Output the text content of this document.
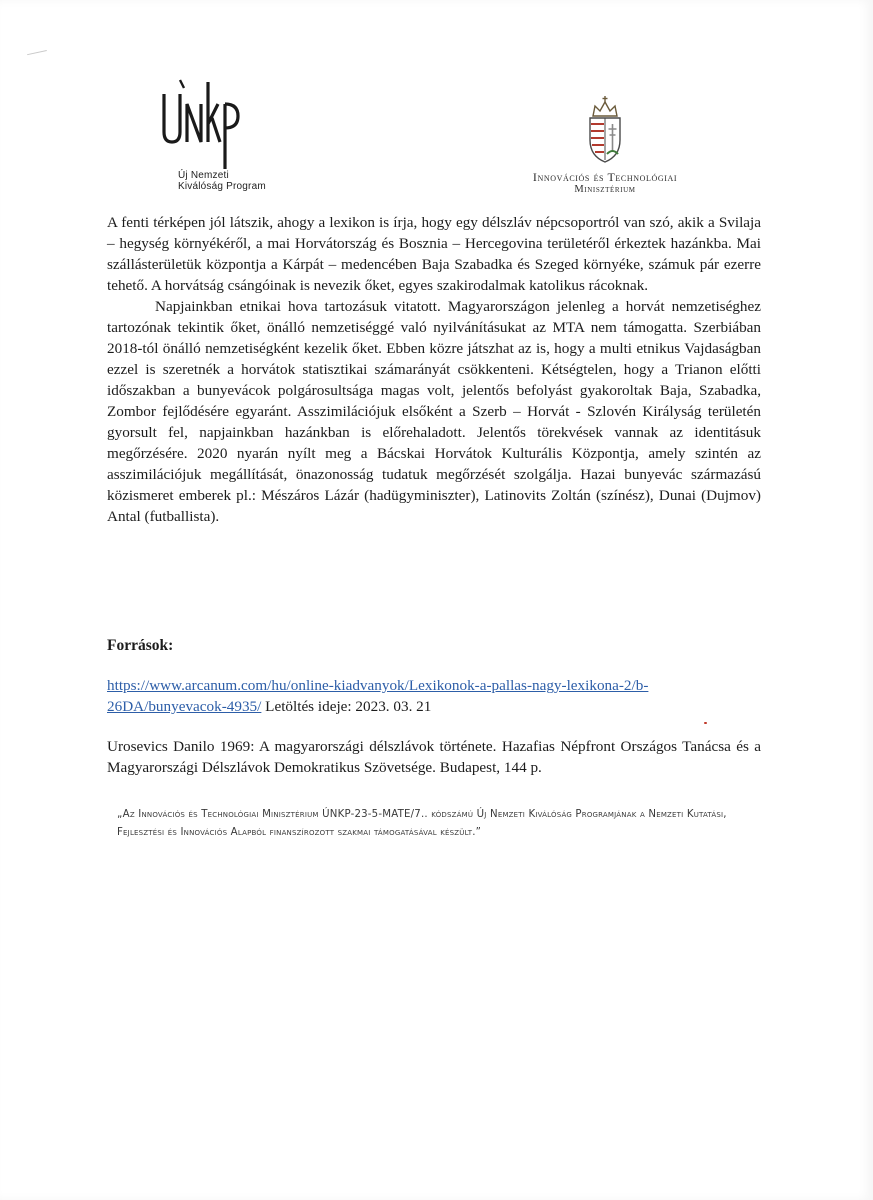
Új Nemzeti
Kiválóság Program
Innovációs és Technológiai
Minisztérium

A fenti térképen jól látszik, ahogy a lexikon is írja, hogy egy délszláv népcsoportról van szó, akik a Svilaja – hegység környékéről, a mai Horvátország és Bosznia – Hercegovina területéről érkeztek hazánkba. Mai szállásterületük központja a Kárpát – medencében Baja Szabadka és Szeged környéke, számuk pár ezerre tehető. A horvátság csángóinak is nevezik őket, egyes szakirodalmak katolikus rácoknak.

Napjainkban etnikai hova tartozásuk vitatott. Magyarországon jelenleg a horvát nemzetiséghez tartozónak tekintik őket, önálló nemzetiséggé való nyilvánításukat az MTA nem támogatta. Szerbiában 2018-tól önálló nemzetiségként kezelik őket. Ebben közre játszhat az is, hogy a multi etnikus Vajdaságban ezzel is szeretnék a horvátok statisztikai számarányát csökkenteni. Kétségtelen, hogy a Trianon előtti időszakban a bunyevácok polgárosultsága magas volt, jelentős befolyást gyakoroltak Baja, Szabadka, Zombor fejlődésére egyaránt. Asszimilációjuk elsőként a Szerb – Horvát - Szlovén Királyság területén gyorsult fel, napjainkban hazánkban is előrehaladott. Jelentős törekvések vannak az identitásuk megőrzésére. 2020 nyarán nyílt meg a Bácskai Horvátok Kulturális Központja, amely szintén az asszimilációjuk megállítását, önazonosság tudatuk megőrzését szolgálja. Hazai bunyevác származású közismeret emberek pl.: Mészáros Lázár (hadügyminiszter), Latinovits Zoltán (színész), Dunai (Dujmov) Antal (futballista).

Források:
https://www.arcanum.com/hu/online-kiadvanyok/Lexikonok-a-pallas-nagy-lexikona-2/b-26DA/bunyevacok-4935/ Letöltés ideje: 2023. 03. 21
Urosevics Danilo 1969: A magyarországi délszlávok története. Hazafias Népfront Országos Tanácsa és a Magyarországi Délszlávok Demokratikus Szövetsége. Budapest, 144 p.
„Az Innovációs és Technológiai Minisztérium ÚNKP-23-5-MATE/7.. kódszámú Új Nemzeti Kiválóság Programjának a Nemzeti Kutatási, Fejlesztési és Innovációs Alapból finanszírozott szakmai támogatásával készült.”
